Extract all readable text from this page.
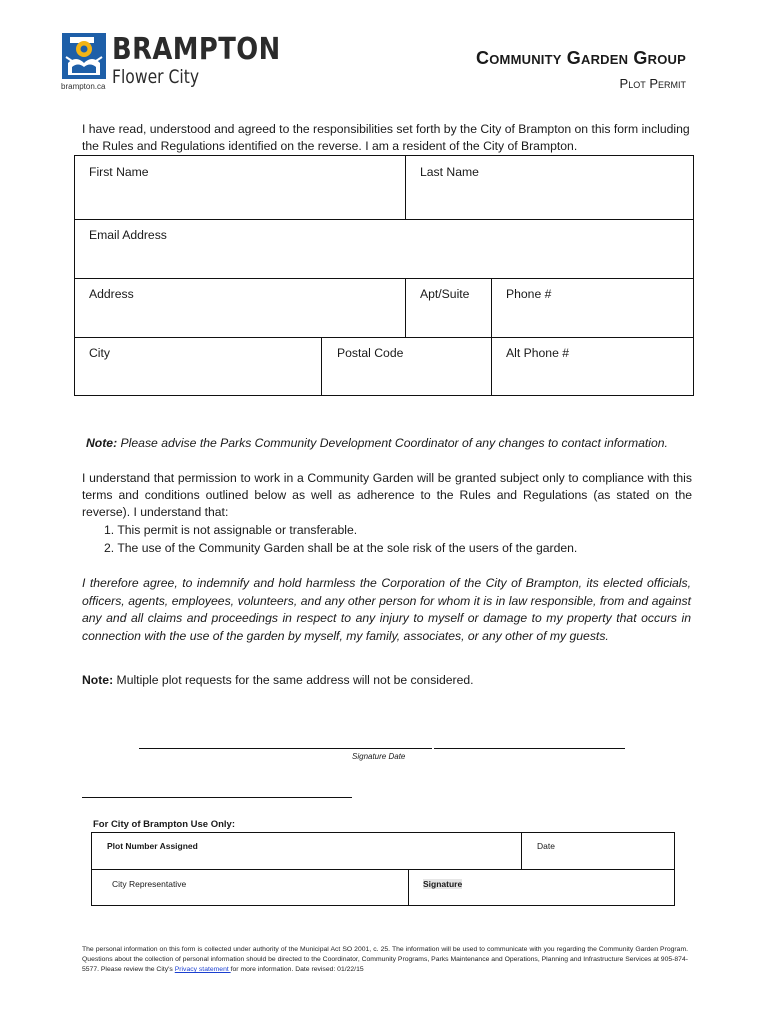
BRAMPTON
Flower City
brampton.ca
Community Garden Group
Plot Permit
I have read, understood and agreed to the responsibilities set forth by the City of Brampton on this form including the Rules and Regulations identified on the reverse. I am a resident of the City of Brampton.
First Name	Last Name
Email Address
Address	Apt/Suite	Phone #
City	Postal Code	Alt Phone #
Note: Please advise the Parks Community Development Coordinator of any changes to contact information.
I understand that permission to work in a Community Garden will be granted subject only to compliance with this terms and conditions outlined below as well as adherence to the Rules and Regulations (as stated on the reverse). I understand that:
1. This permit is not assignable or transferable.
2. The use of the Community Garden shall be at the sole risk of the users of the garden.
I therefore agree, to indemnify and hold harmless the Corporation of the City of Brampton, its elected officials, officers, agents, employees, volunteers, and any other person for whom it is in law responsible, from and against any and all claims and proceedings in respect to any injury to myself or damage to my property that occurs in connection with the use of the garden by myself, my family, associates, or any other of my guests.
Note: Multiple plot requests for the same address will not be considered.
Signature Date
For City of Brampton Use Only:
Plot Number Assigned	Date
City Representative	Signature
The personal information on this form is collected under authority of the Municipal Act SO 2001, c. 25. The information will be used to communicate with you regarding the Community Garden Program. Questions about the collection of personal information should be directed to the Coordinator, Community Programs, Parks Maintenance and Operations, Planning and Infrastructure Services at 905-874-5577. Please review the City's Privacy statement for more information. Date revised: 01/22/15
